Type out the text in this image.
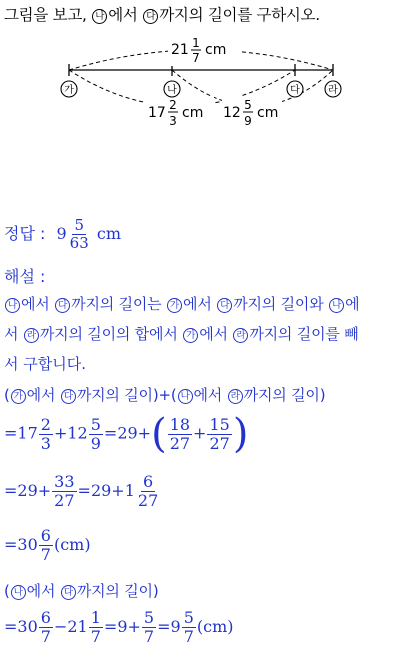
그림을 보고, 나 에서 다 까지의 길이를 구하시오.
21 1
7 cm
17 2
3 cm 12 5
9 cm
가	나	다	라
정답 : $9 \frac{5}{63}$ cm
해설 :
나 에서 다 까지의 길이는 가 에서 다 까지의 길이와 나 에
서 라 까지의 길이의 합에서 가 에서 라 까지의 길이를 빼
서 구합니다.
( 가 에서 다 까지의 길이)+( 나 에서 라 까지의 길이)
$=17 \frac{2}{3} +12 \frac{5}{9} =29+( \frac{18}{27} + \frac{15}{27}$ )
$=29+ \frac{33}{27} =29+1 \frac{6}{27}$
$=30 \frac{6}{7} (cm)$
( 나 에서 다 까지의 길이)
$=30 \frac{6}{7} -21 \frac{1}{7} =9+ \frac{5}{7} =9 \frac{5}{7} (cm)$
